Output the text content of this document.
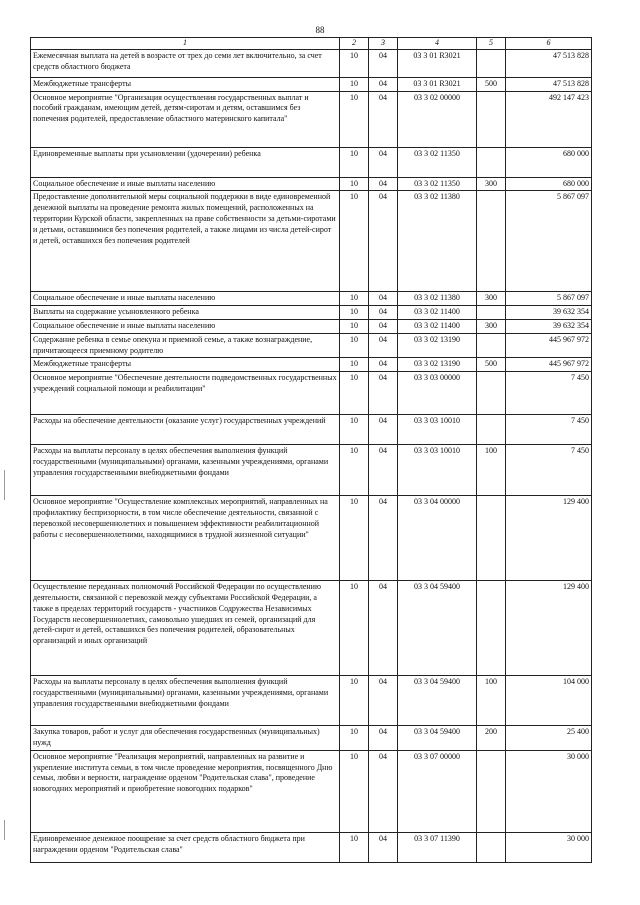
88
1	2	3	4	5	6
Ежемесячная выплата на детей в возрасте от трех до семи лет включительно, за счет средств областного бюджета	10	04	03 3 01 R3021		47 513 828
Межбюджетные трансферты	10	04	03 3 01 R3021	500	47 513 828
Основное мероприятие "Организация осуществления государственных выплат и пособий гражданам, имеющим детей, детям-сиротам и детям, оставшимся без попечения родителей, предоставление областного материнского капитала"	10	04	03 3 02 00000		492 147 423
Единовременные выплаты при усыновлении (удочерении) ребенка	10	04	03 3 02 11350		680 000
Социальное обеспечение и иные выплаты населению	10	04	03 3 02 11350	300	680 000
Предоставление дополнительной меры социальной поддержки в виде единовременной денежной выплаты на проведение ремонта жилых помещений, расположенных на территории Курской области, закрепленных на праве собственности за детьми-сиротами и детьми, оставшимися без попечения родителей, а также лицами из числа детей-сирот и детей, оставшихся без попечения родителей	10	04	03 3 02 11380		5 867 097
Социальное обеспечение и иные выплаты населению	10	04	03 3 02 11380	300	5 867 097
Выплаты на содержание усыновленного ребенка	10	04	03 3 02 11400		39 632 354
Социальное обеспечение и иные выплаты населению	10	04	03 3 02 11400	300	39 632 354
Содержание ребенка в семье опекуна и приемной семье, а также вознаграждение, причитающееся приемному родителю	10	04	03 3 02 13190		445 967 972
Межбюджетные трансферты	10	04	03 3 02 13190	500	445 967 972
Основное мероприятие "Обеспечение деятельности подведомственных государственных учреждений социальной помощи и реабилитации"	10	04	03 3 03 00000		7 450
Расходы на обеспечение деятельности (оказание услуг) государственных учреждений	10	04	03 3 03 10010		7 450
Расходы на выплаты персоналу в целях обеспечения выполнения функций государственными (муниципальными) органами, казенными учреждениями, органами управления государственными внебюджетными фондами	10	04	03 3 03 10010	100	7 450
Основное мероприятие "Осуществление комплексных мероприятий, направленных на профилактику беспризорности, в том числе обеспечение деятельности, связанной с перевозкой несовершеннолетних и повышением эффективности реабилитационной работы с несовершеннолетними, находящимися в трудной жизненной ситуации"	10	04	03 3 04 00000		129 400
Осуществление переданных полномочий Российской Федерации по осуществлению деятельности, связанной с перевозкой между субъектами Российской Федерации, а также в пределах территорий государств - участников Содружества Независимых Государств несовершеннолетних, самовольно ушедших из семей, организаций для детей-сирот и детей, оставшихся без попечения родителей, образовательных организаций и иных организаций	10	04	03 3 04 59400		129 400
Расходы на выплаты персоналу в целях обеспечения выполнения функций государственными (муниципальными) органами, казенными учреждениями, органами управления государственными внебюджетными фондами	10	04	03 3 04 59400	100	104 000
Закупка товаров, работ и услуг для обеспечения государственных (муниципальных) нужд	10	04	03 3 04 59400	200	25 400
Основное мероприятие "Реализация мероприятий, направленных на развитие и укрепление института семьи, в том числе проведение мероприятия, посвященного Дню семьи, любви и верности, награждение орденом "Родительская слава", проведение новогодних мероприятий и приобретение новогодних подарков"	10	04	03 3 07 00000		30 000
Единовременное денежное поощрение за счет средств областного бюджета при награждении орденом "Родительская слава"	10	04	03 3 07 11390		30 000
